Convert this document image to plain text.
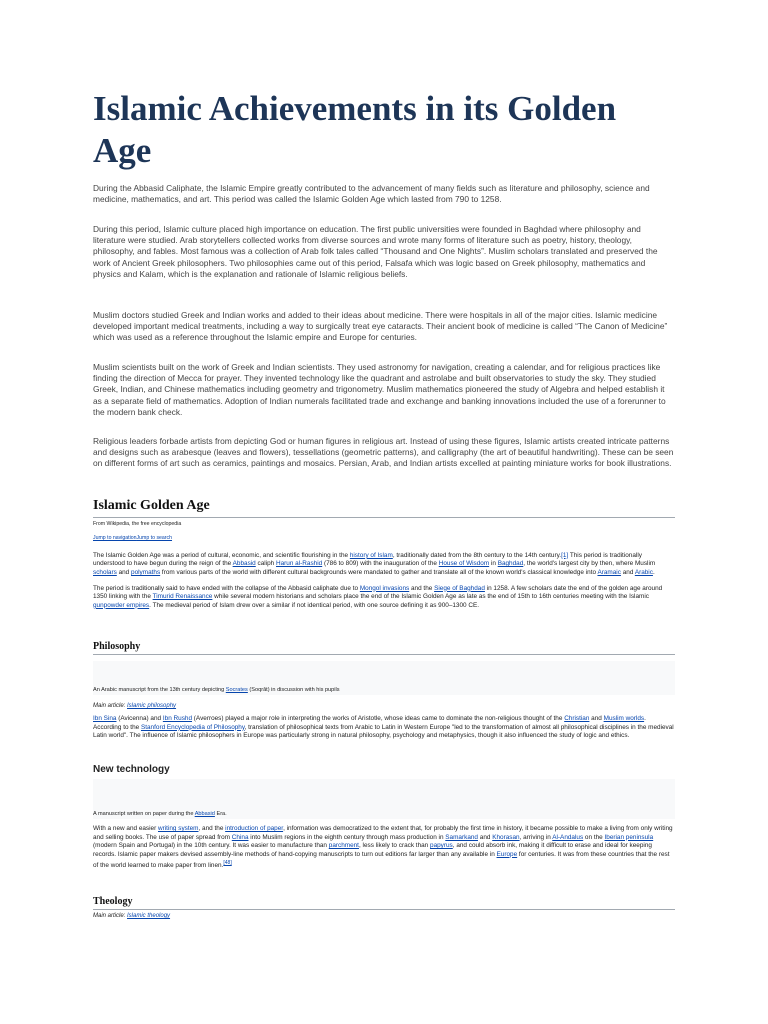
Islamic Achievements in its Golden Age

During the Abbasid Caliphate, the Islamic Empire greatly contributed to the advancement of many fields such as literature and philosophy, science and medicine, mathematics, and art. This period was called the Islamic Golden Age which lasted from 790 to 1258.

During this period, Islamic culture placed high importance on education. The first public universities were founded in Baghdad where philosophy and literature were studied. Arab storytellers collected works from diverse sources and wrote many forms of literature such as poetry, history, theology, philosophy, and fables. Most famous was a collection of Arab folk tales called “Thousand and One Nights”. Muslim scholars translated and preserved the work of Ancient Greek philosophers. Two philosophies came out of this period, Falsafa which was logic based on Greek philosophy, mathematics and physics and Kalam, which is the explanation and rationale of Islamic religious beliefs.

Muslim doctors studied Greek and Indian works and added to their ideas about medicine. There were hospitals in all of the major cities. Islamic medicine developed important medical treatments, including a way to surgically treat eye cataracts. Their ancient book of medicine is called “The Canon of Medicine” which was used as a reference throughout the Islamic empire and Europe for centuries.

Muslim scientists built on the work of Greek and Indian scientists. They used astronomy for navigation, creating a calendar, and for religious practices like finding the direction of Mecca for prayer. They invented technology like the quadrant and astrolabe and built observatories to study the sky. They studied Greek, Indian, and Chinese mathematics including geometry and trigonometry. Muslim mathematics pioneered the study of Algebra and helped establish it as a separate field of mathematics. Adoption of Indian numerals facilitated trade and exchange and banking innovations included the use of a forerunner to the modern bank check.

Religious leaders forbade artists from depicting God or human figures in religious art. Instead of using these figures, Islamic artists created intricate patterns and designs such as arabesque (leaves and flowers), tessellations (geometric patterns), and calligraphy (the art of beautiful handwriting). These can be seen on different forms of art such as ceramics, paintings and mosaics. Persian, Arab, and Indian artists excelled at painting miniature works for book illustrations.

Islamic Golden Age

From Wikipedia, the free encyclopedia

Jump to navigationJump to search

The Islamic Golden Age was a period of cultural, economic, and scientific flourishing in the history of Islam, traditionally dated from the 8th century to the 14th century.[1] This period is traditionally understood to have begun during the reign of the Abbasid caliph Harun al-Rashid (786 to 809) with the inauguration of the House of Wisdom in Baghdad, the world's largest city by then, where Muslim scholars and polymaths from various parts of the world with different cultural backgrounds were mandated to gather and translate all of the known world's classical knowledge into Aramaic and Arabic.

The period is traditionally said to have ended with the collapse of the Abbasid caliphate due to Mongol invasions and the Siege of Baghdad in 1258. A few scholars date the end of the golden age around 1350 linking with the Timurid Renaissance while several modern historians and scholars place the end of the Islamic Golden Age as late as the end of 15th to 16th centuries meeting with the Islamic gunpowder empires. The medieval period of Islam drew over a similar if not identical period, with one source defining it as 900–1300 CE.

Philosophy

An Arabic manuscript from the 13th century depicting Socrates (Soqrât) in discussion with his pupils

Main article: Islamic philosophy

Ibn Sina (Avicenna) and Ibn Rushd (Averroes) played a major role in interpreting the works of Aristotle, whose ideas came to dominate the non-religious thought of the Christian and Muslim worlds. According to the Stanford Encyclopedia of Philosophy, translation of philosophical texts from Arabic to Latin in Western Europe "led to the transformation of almost all philosophical disciplines in the medieval Latin world". The influence of Islamic philosophers in Europe was particularly strong in natural philosophy, psychology and metaphysics, though it also influenced the study of logic and ethics.

New technology

A manuscript written on paper during the Abbasid Era.

With a new and easier writing system, and the introduction of paper, information was democratized to the extent that, for probably the first time in history, it became possible to make a living from only writing and selling books. The use of paper spread from China into Muslim regions in the eighth century through mass production in Samarkand and Khorasan, arriving in Al-Andalus on the Iberian peninsula (modern Spain and Portugal) in the 10th century. It was easier to manufacture than parchment, less likely to crack than papyrus, and could absorb ink, making it difficult to erase and ideal for keeping records. Islamic paper makers devised assembly-line methods of hand-copying manuscripts to turn out editions far larger than any available in Europe for centuries. It was from these countries that the rest of the world learned to make paper from linen.[48]

Theology

Main article: Islamic theology
